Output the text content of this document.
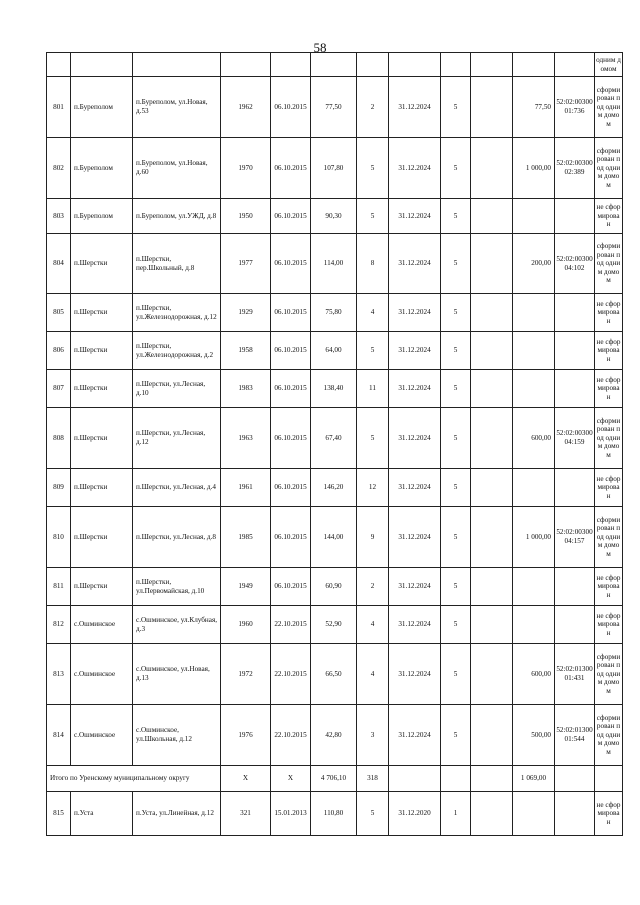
58
												одним домом
801	п.Буреполом	п.Буреполом, ул.Новая, д.53	1962	06.10.2015	77,50	2	31.12.2024	5		77,50	52:02:0030001:736	сформирован под одним домом
802	п.Буреполом	п.Буреполом, ул.Новая, д.60	1970	06.10.2015	107,80	5	31.12.2024	5		1 000,00	52:02:0030002:389	сформирован под одним домом
803	п.Буреполом	п.Буреполом, ул.УЖД, д.8	1950	06.10.2015	90,30	5	31.12.2024	5				не сформирован
804	п.Шерстки	п.Шерстки, пер.Школьный, д.8	1977	06.10.2015	114,00	8	31.12.2024	5		200,00	52:02:0030004:102	сформирован под одним домом
805	п.Шерстки	п.Шерстки, ул.Железнодорожная, д.12	1929	06.10.2015	75,80	4	31.12.2024	5				не сформирован
806	п.Шерстки	п.Шерстки, ул.Железнодорожная, д.2	1958	06.10.2015	64,00	5	31.12.2024	5				не сформирован
807	п.Шерстки	п.Шерстки, ул.Лесная, д.10	1983	06.10.2015	138,40	11	31.12.2024	5				не сформирован
808	п.Шерстки	п.Шерстки, ул.Лесная, д.12	1963	06.10.2015	67,40	5	31.12.2024	5		600,00	52:02:0030004:159	сформирован под одним домом
809	п.Шерстки	п.Шерстки, ул.Лесная, д.4	1961	06.10.2015	146,20	12	31.12.2024	5				не сформирован
810	п.Шерстки	п.Шерстки, ул.Лесная, д.8	1985	06.10.2015	144,00	9	31.12.2024	5		1 000,00	52:02:0030004:157	сформирован под одним домом
811	п.Шерстки	п.Шерстки, ул.Первомайская, д.10	1949	06.10.2015	60,90	2	31.12.2024	5				не сформирован
812	с.Ошминское	с.Ошминское, ул.Клубная, д.3	1960	22.10.2015	52,90	4	31.12.2024	5				не сформирован
813	с.Ошминское	с.Ошминское, ул.Новая, д.13	1972	22.10.2015	66,50	4	31.12.2024	5		600,00	52:02:0130001:431	сформирован под одним домом
814	с.Ошминское	с.Ошминское, ул.Школьная, д.12	1976	22.10.2015	42,80	3	31.12.2024	5		500,00	52:02:0130001:544	сформирован под одним домом
Итого по Уренскому муниципальному округу			Х	Х	4 706,10	318				1 069,00		
815	п.Уста	п.Уста, ул.Линейная, д.12	321	15.01.2013	110,80	5	31.12.2020	1				не сформирован
